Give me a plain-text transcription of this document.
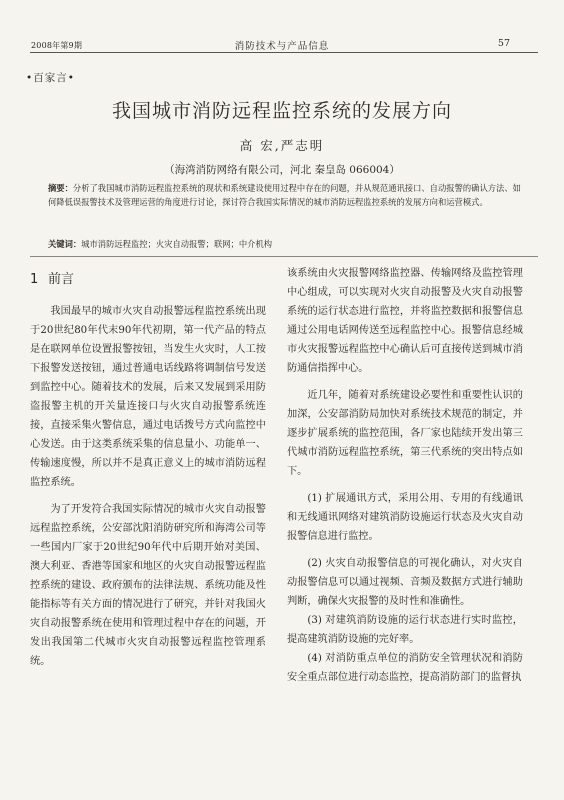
2008年第9期	消防技术与产品信息	57
•百家言•
我国城市消防远程监控系统的发展方向
高 宏,严志明
（海湾消防网络有限公司，河北 秦皇岛 066004）
摘要：分析了我国城市消防远程监控系统的现状和系统建设使用过程中存在的问题，并从规范通讯接口、自动报警的确认方法、如何降低误报警技术及管理运营的角度进行讨论，探讨符合我国实际情况的城市消防远程监控系统的发展方向和运营模式。
关键词：城市消防远程监控；火灾自动报警；联网；中介机构
1 前言

我国最早的城市火灾自动报警远程监控系统出现于20世纪80年代末90年代初期，第一代产品的特点是在联网单位设置报警按钮，当发生火灾时，人工按下报警发送按钮，通过普通电话线路将调制信号发送到监控中心。随着技术的发展，后来又发展到采用防盗报警主机的开关量连接口与火灾自动报警系统连接，直接采集火警信息，通过电话拨号方式向监控中心发送。由于这类系统采集的信息量小、功能单一、传输速度慢，所以并不是真正意义上的城市消防远程监控系统。

为了开发符合我国实际情况的城市火灾自动报警远程监控系统，公安部沈阳消防研究所和海湾公司等一些国内厂家于20世纪90年代中后期开始对美国、澳大利亚、香港等国家和地区的火灾自动报警远程监控系统的建设、政府颁布的法律法规、系统功能及性能指标等有关方面的情况进行了研究，并针对我国火灾自动报警系统在使用和管理过程中存在的问题，开发出我国第二代城市火灾自动报警远程监控管理系统。

该系统由火灾报警网络监控器、传输网络及监控管理中心组成，可以实现对火灾自动报警及火灾自动报警系统的运行状态进行监控，并将监控数据和报警信息通过公用电话网传送至远程监控中心。报警信息经城市火灾报警远程监控中心确认后可直接传送到城市消防通信指挥中心。

近几年，随着对系统建设必要性和重要性认识的加深，公安部消防局加快对系统技术规范的制定，并逐步扩展系统的监控范围，各厂家也陆续开发出第三代城市消防远程监控系统，第三代系统的突出特点如下。

(1) 扩展通讯方式，采用公用、专用的有线通讯和无线通讯网络对建筑消防设施运行状态及火灾自动报警信息进行监控。

(2) 火灾自动报警信息的可视化确认，对火灾自动报警信息可以通过视频、音频及数据方式进行辅助判断，确保火灾报警的及时性和准确性。

(3) 对建筑消防设施的运行状态进行实时监控，提高建筑消防设施的完好率。

(4) 对消防重点单位的消防安全管理状况和消防安全重点部位进行动态监控，提高消防部门的监督执
